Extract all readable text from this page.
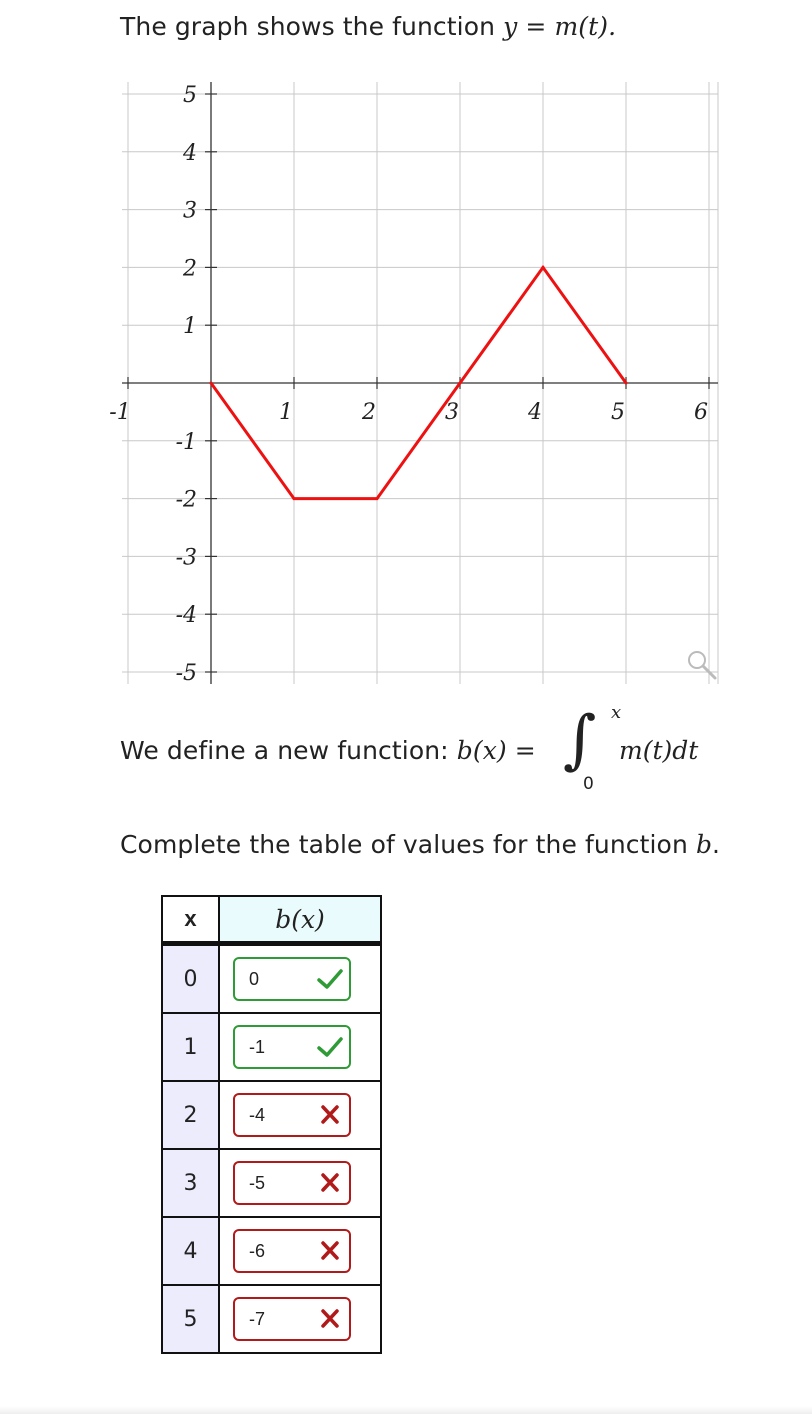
The graph shows the function y = m(t).
-1	1	2	3	4	5	6
5
4
3
2
1
-1
-2
-3
-4
-5
We define a new function: b(x) = ∫ x
0
m(t)dt
Complete the table of values for the function b.
x	b(x)
0	0

1	-1

2	-4

3	-5

4	-6

5	-7
